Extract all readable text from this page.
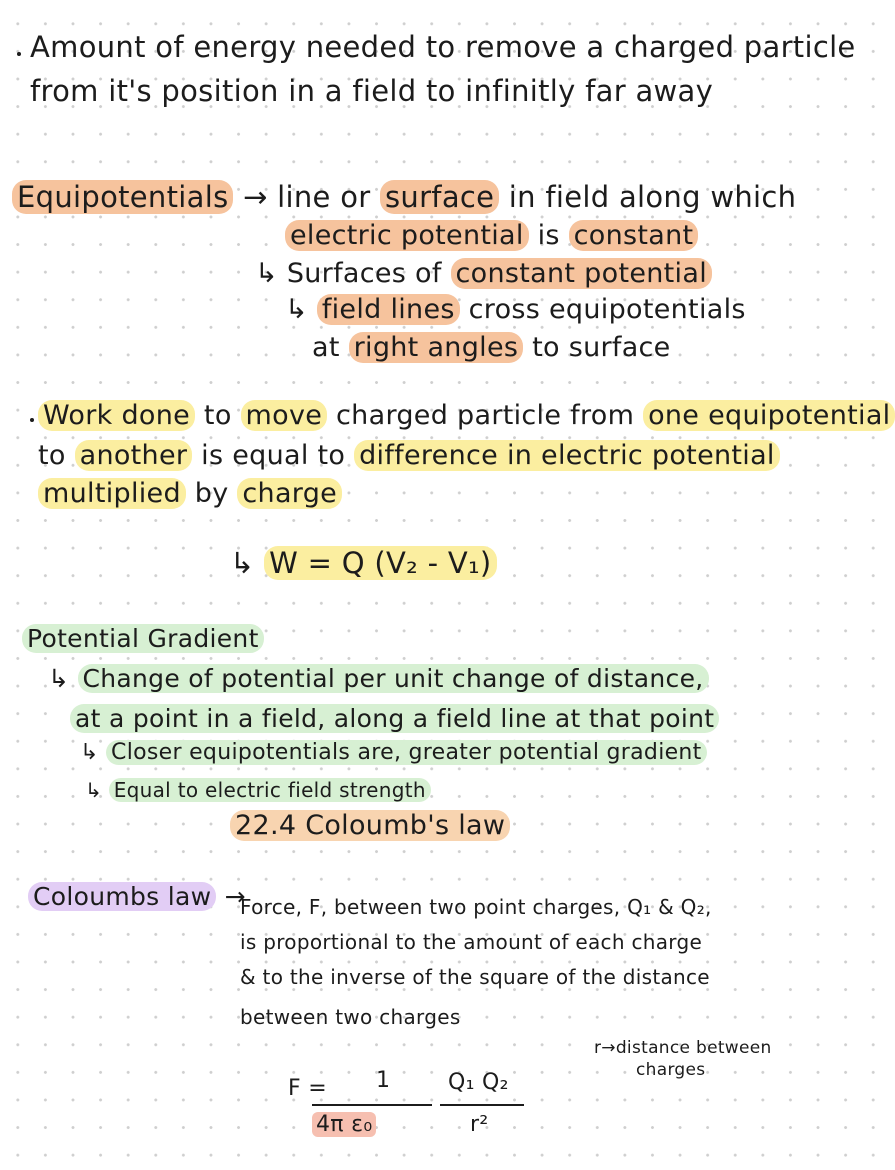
Amount of energy needed to remove a charged particle
from it's position in a field to infinitly far away
Equipotentials → line or surface in field along which
electric potential is constant
↳ Surfaces of constant potential
↳ field lines cross equipotentials
at right angles to surface
Work done to move charged particle from one equipotential
to another is equal to difference in electric potential
multiplied by charge
↳ W = Q (V₂ - V₁)
Potential Gradient
↳ Change of potential per unit change of distance,
at a point in a field, along a field line at that point
↳ Closer equipotentials are, greater potential gradient
↳ Equal to electric field strength
22.4 Coloumb's law
Coloumbs law →
Force, F, between two point charges, Q₁ & Q₂,
is proportional to the amount of each charge
& to the inverse of the square of the distance
between two charges
r→distance between
charges
F = 1
4π ε₀
Q₁ Q₂
r²
